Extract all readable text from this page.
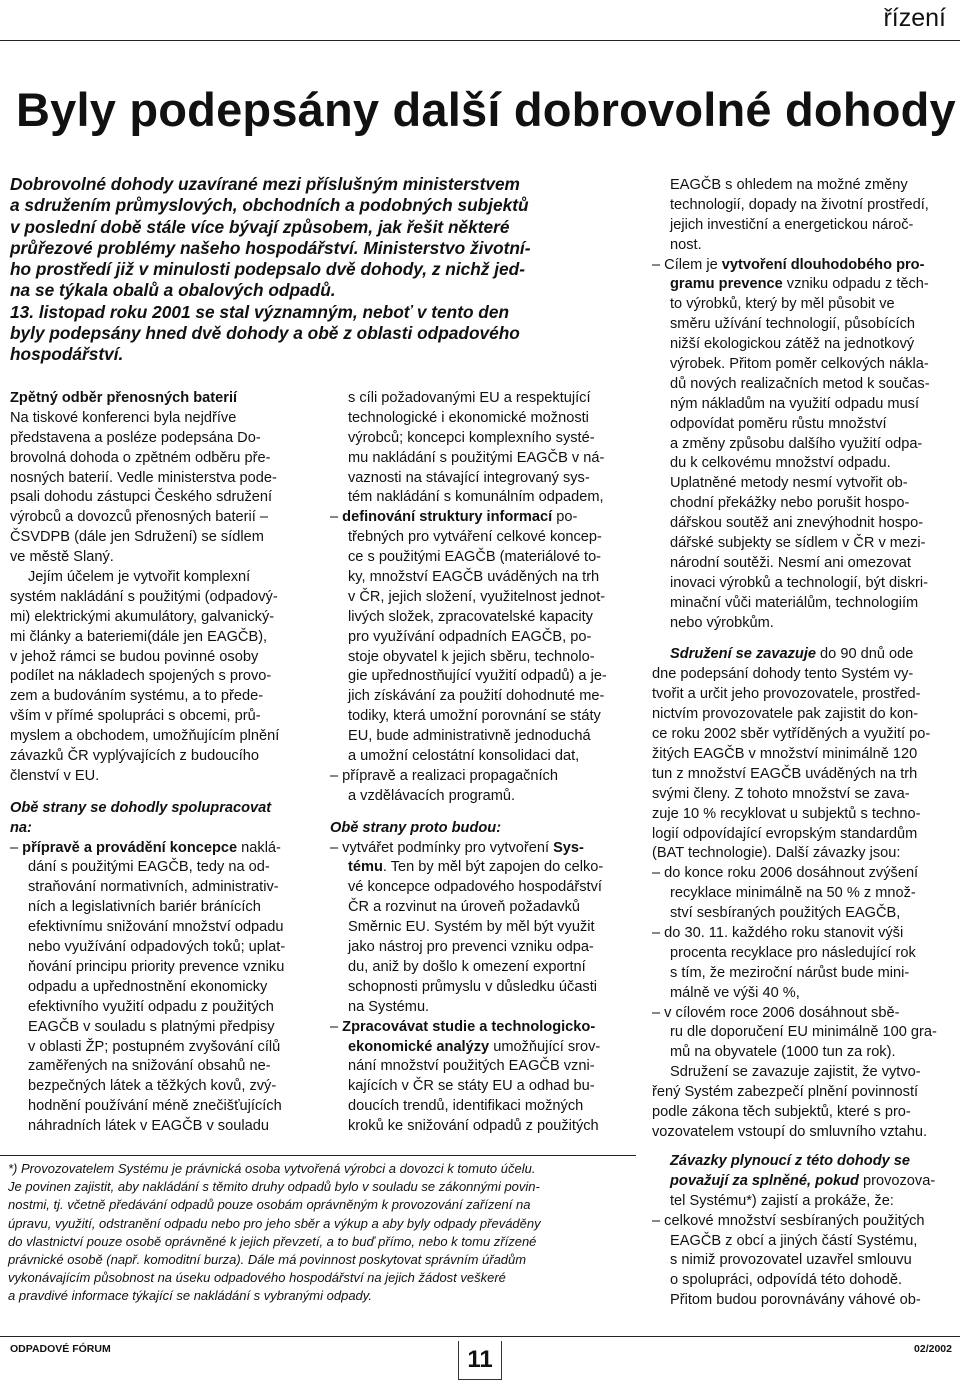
řízení
Byly podepsány další dobrovolné dohody
Dobrovolné dohody uzavírané mezi příslušným ministerstvem
a sdružením průmyslových, obchodních a podobných subjektů
v poslední době stále více bývají způsobem, jak řešit některé
průřezové problémy našeho hospodářství. Ministerstvo životní-
ho prostředí již v minulosti podepsalo dvě dohody, z nichž jed-
na se týkala obalů a obalových odpadů.
13. listopad roku 2001 se stal významným, neboť v tento den
byly podepsány hned dvě dohody a obě z oblasti odpadového
hospodářství.
Zpětný odběr přenosných baterií
Na tiskové konferenci byla nejdříve
představena a posléze podepsána Do-
brovolná dohoda o zpětném odběru pře-
nosných baterií. Vedle ministerstva pode-
psali dohodu zástupci Českého sdružení
výrobců a dovozců přenosných baterií –
ČSVDPB (dále jen Sdružení) se sídlem
ve městě Slaný.
Jejím účelem je vytvořit komplexní
systém nakládání s použitými (odpadový-
mi) elektrickými akumulátory, galvanický-
mi články a bateriemi(dále jen EAGČB),
v jehož rámci se budou povinné osoby
podílet na nákladech spojených s provo-
zem a budováním systému, a to přede-
vším v přímé spolupráci s obcemi, prů-
myslem a obchodem, umožňujícím plnění
závazků ČR vyplývajících z budoucího
členství v EU.
Obě strany se dohodly spolupracovat
na:
– přípravě a provádění koncepce naklá-
dání s použitými EAGČB, tedy na od-
straňování normativních, administrativ-
ních a legislativních bariér bránících
efektivnímu snižování množství odpadu
nebo využívání odpadových toků; uplat-
ňování principu priority prevence vzniku
odpadu a upřednostnění ekonomicky
efektivního využití odpadu z použitých
EAGČB v souladu s platnými předpisy
v oblasti ŽP; postupném zvyšování cílů
zaměřených na snižování obsahů ne-
bezpečných látek a těžkých kovů, zvý-
hodnění používání méně znečišťujících
náhradních látek v EAGČB v souladu
s cíli požadovanými EU a respektující
technologické i ekonomické možnosti
výrobců; koncepci komplexního systé-
mu nakládání s použitými EAGČB v ná-
vaznosti na stávající integrovaný sys-
tém nakládání s komunálním odpadem,
– definování struktury informací po-
třebných pro vytváření celkové koncep-
ce s použitými EAGČB (materiálové to-
ky, množství EAGČB uváděných na trh
v ČR, jejich složení, využitelnost jednot-
livých složek, zpracovatelské kapacity
pro využívání odpadních EAGČB, po-
stoje obyvatel k jejich sběru, technolo-
gie upřednostňující využití odpadů) a je-
jich získávání za použití dohodnuté me-
todiky, která umožní porovnání se státy
EU, bude administrativně jednoduchá
a umožní celostátní konsolidaci dat,
– přípravě a realizaci propagačních
a vzdělávacích programů.
Obě strany proto budou:
– vytvářet podmínky pro vytvoření Sys-
tému. Ten by měl být zapojen do celko-
vé koncepce odpadového hospodářství
ČR a rozvinut na úroveň požadavků
Směrnic EU. Systém by měl být využit
jako nástroj pro prevenci vzniku odpa-
du, aniž by došlo k omezení exportní
schopnosti průmyslu v důsledku účasti
na Systému.
– Zpracovávat studie a technologicko-
ekonomické analýzy umožňující srov-
nání množství použitých EAGČB vzni-
kajících v ČR se státy EU a odhad bu-
doucích trendů, identifikaci možných
kroků ke snižování odpadů z použitých
EAGČB s ohledem na možné změny
technologií, dopady na životní prostředí,
jejich investiční a energetickou nároč-
nost.
– Cílem je vytvoření dlouhodobého pro-
gramu prevence vzniku odpadu z těch-
to výrobků, který by měl působit ve
směru užívání technologií, působících
nižší ekologickou zátěž na jednotkový
výrobek. Přitom poměr celkových nákla-
dů nových realizačních metod k součas-
ným nákladům na využití odpadu musí
odpovídat poměru růstu množství
a změny způsobu dalšího využití odpa-
du k celkovému množství odpadu.
Uplatněné metody nesmí vytvořit ob-
chodní překážky nebo porušit hospo-
dářskou soutěž ani znevýhodnit hospo-
dářské subjekty se sídlem v ČR v mezi-
národní soutěži. Nesmí ani omezovat
inovaci výrobků a technologií, být diskri-
minační vůči materiálům, technologiím
nebo výrobkům.
Sdružení se zavazuje do 90 dnů ode
dne podepsání dohody tento Systém vy-
tvořit a určit jeho provozovatele, prostřed-
nictvím provozovatele pak zajistit do kon-
ce roku 2002 sběr vytříděných a využití po-
žitých EAGČB v množství minimálně 120
tun z množství EAGČB uváděných na trh
svými členy. Z tohoto množství se zava-
zuje 10 % recyklovat u subjektů s techno-
logií odpovídající evropským standardům
(BAT technologie). Další závazky jsou:
– do konce roku 2006 dosáhnout zvýšení
recyklace minimálně na 50 % z množ-
ství sesbíraných použitých EAGČB,
– do 30. 11. každého roku stanovit výši
procenta recyklace pro následující rok
s tím, že meziroční nárůst bude mini-
málně ve výši 40 %,
– v cílovém roce 2006 dosáhnout sbě-
ru dle doporučení EU minimálně 100 gra-
mů na obyvatele (1000 tun za rok).
Sdružení se zavazuje zajistit, že vytvo-
řený Systém zabezpečí plnění povinností
podle zákona těch subjektů, které s pro-
vozovatelem vstoupí do smluvního vztahu.
Závazky plynoucí z této dohody se
považují za splněné, pokud provozova-
tel Systému*) zajistí a prokáže, že:
– celkové množství sesbíraných použitých
EAGČB z obcí a jiných částí Systému,
s nimiž provozovatel uzavřel smlouvu
o spolupráci, odpovídá této dohodě.
Přitom budou porovnávány váhové ob-
*) Provozovatelem Systému je právnická osoba vytvořená výrobci a dovozci k tomuto účelu.
Je povinen zajistit, aby nakládání s těmito druhy odpadů bylo v souladu se zákonnými povin-
nostmi, tj. včetně předávání odpadů pouze osobám oprávněným k provozování zařízení na
úpravu, využití, odstranění odpadu nebo pro jeho sběr a výkup a aby byly odpady převáděny
do vlastnictví pouze osobě oprávněné k jejich převzetí, a to buď přímo, nebo k tomu zřízené
právnické osobě (např. komoditní burza). Dále má povinnost poskytovat správním úřadům
vykonávajícím působnost na úseku odpadového hospodářství na jejich žádost veškeré
a pravdivé informace týkající se nakládání s vybranými odpady.
ODPADOVÉ FÓRUM	11	02/2002
